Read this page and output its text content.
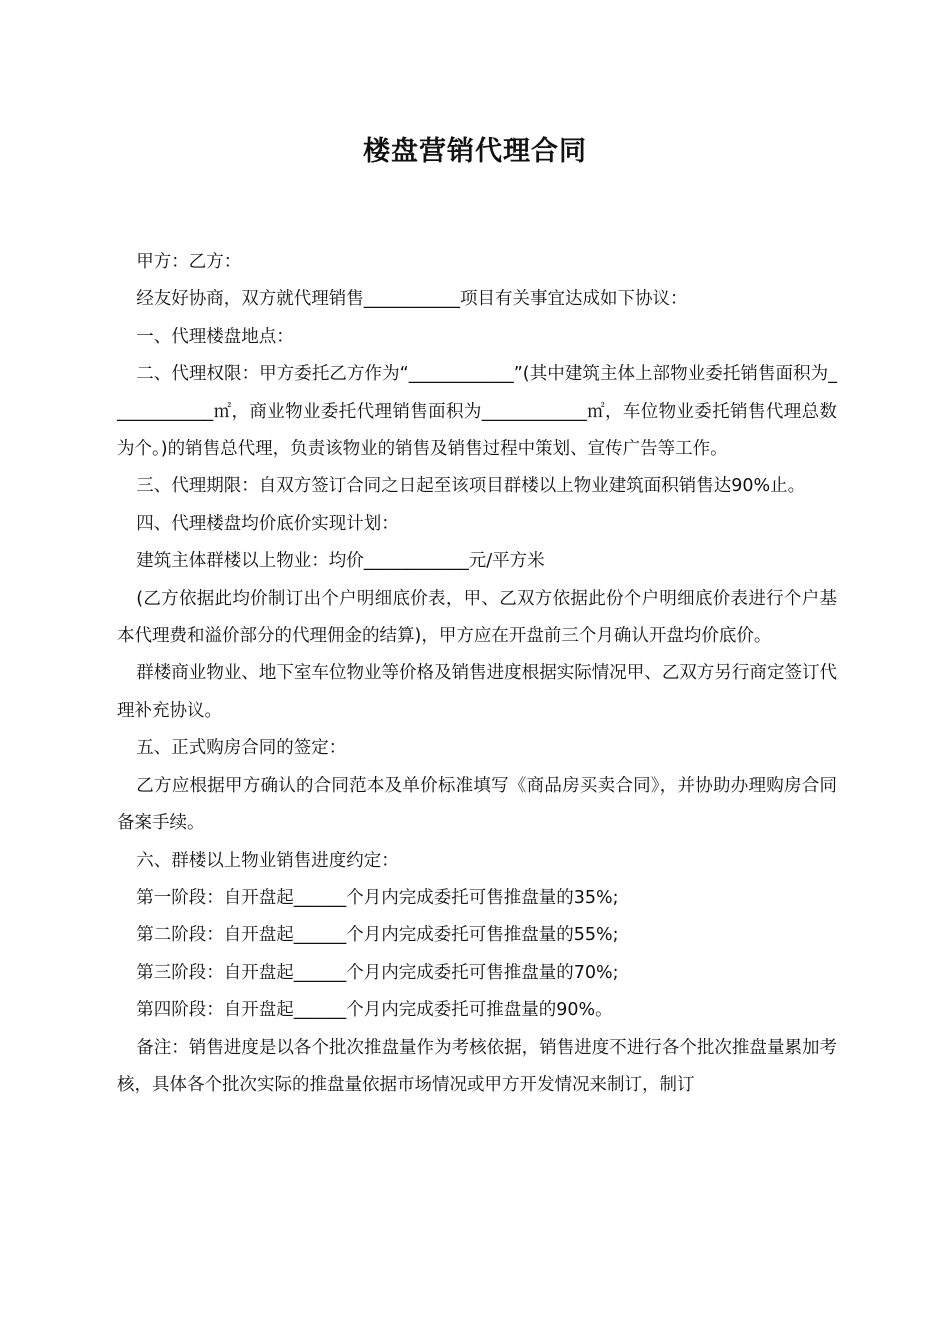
楼盘营销代理合同

甲方：乙方：

经友好协商，双方就代理销售___________项目有关事宜达成如下协议：

一、代理楼盘地点：

二、代理权限：甲方委托乙方作为“____________”(其中建筑主体上部物业委托销售面积为____________㎡，商业物业委托代理销售面积为____________㎡，车位物业委托销售代理总数为个。)的销售总代理，负责该物业的销售及销售过程中策划、宣传广告等工作。

三、代理期限：自双方签订合同之日起至该项目群楼以上物业建筑面积销售达90%止。

四、代理楼盘均价底价实现计划：

建筑主体群楼以上物业：均价____________元/平方米

(乙方依据此均价制订出个户明细底价表，甲、乙双方依据此份个户明细底价表进行个户基本代理费和溢价部分的代理佣金的结算)，甲方应在开盘前三个月确认开盘均价底价。

群楼商业物业、地下室车位物业等价格及销售进度根据实际情况甲、乙双方另行商定签订代理补充协议。

五、正式购房合同的签定：

乙方应根据甲方确认的合同范本及单价标准填写《商品房买卖合同》，并协助办理购房合同备案手续。

六、群楼以上物业销售进度约定：

第一阶段：自开盘起______个月内完成委托可售推盘量的35%;

第二阶段：自开盘起______个月内完成委托可售推盘量的55%;

第三阶段：自开盘起______个月内完成委托可售推盘量的70%;

第四阶段：自开盘起______个月内完成委托可推盘量的90%。

备注：销售进度是以各个批次推盘量作为考核依据，销售进度不进行各个批次推盘量累加考核，具体各个批次实际的推盘量依据市场情况或甲方开发情况来制订，制订
